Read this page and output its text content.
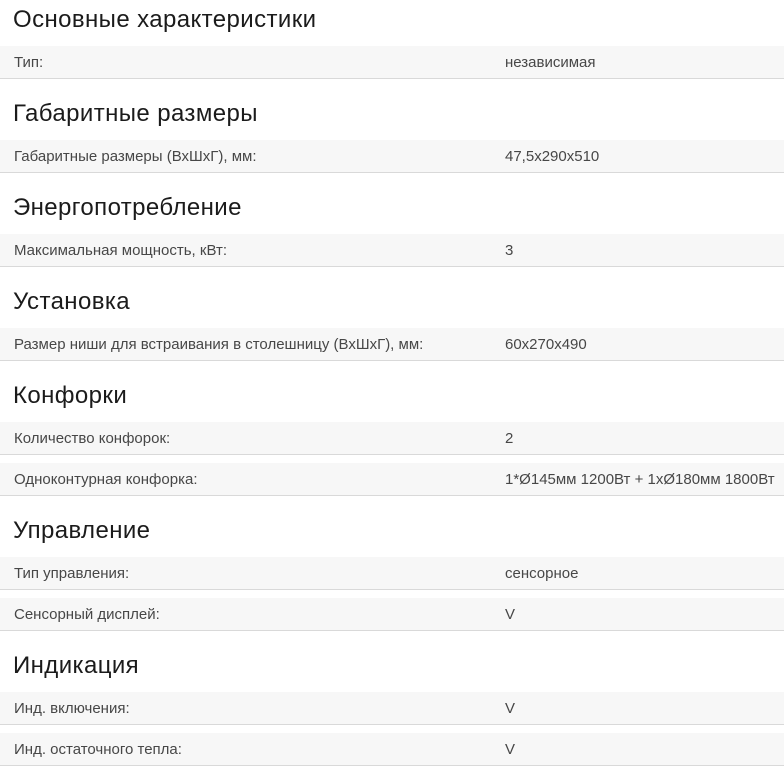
Основные характеристики
Тип:	независимая
Габаритные размеры
Габаритные размеры (ВхШхГ), мм:	47,5x290x510
Энергопотребление
Максимальная мощность, кВт:	3
Установка
Размер ниши для встраивания в столешницу (ВхШхГ), мм:	60x270x490
Конфорки
Количество конфорок:	2
Одноконтурная конфорка:	1*Ø145мм 1200Вт + 1хØ180мм 1800Вт
Управление
Тип управления:	сенсорное
Сенсорный дисплей:	V
Индикация
Инд. включения:	V
Инд. остаточного тепла:	V
